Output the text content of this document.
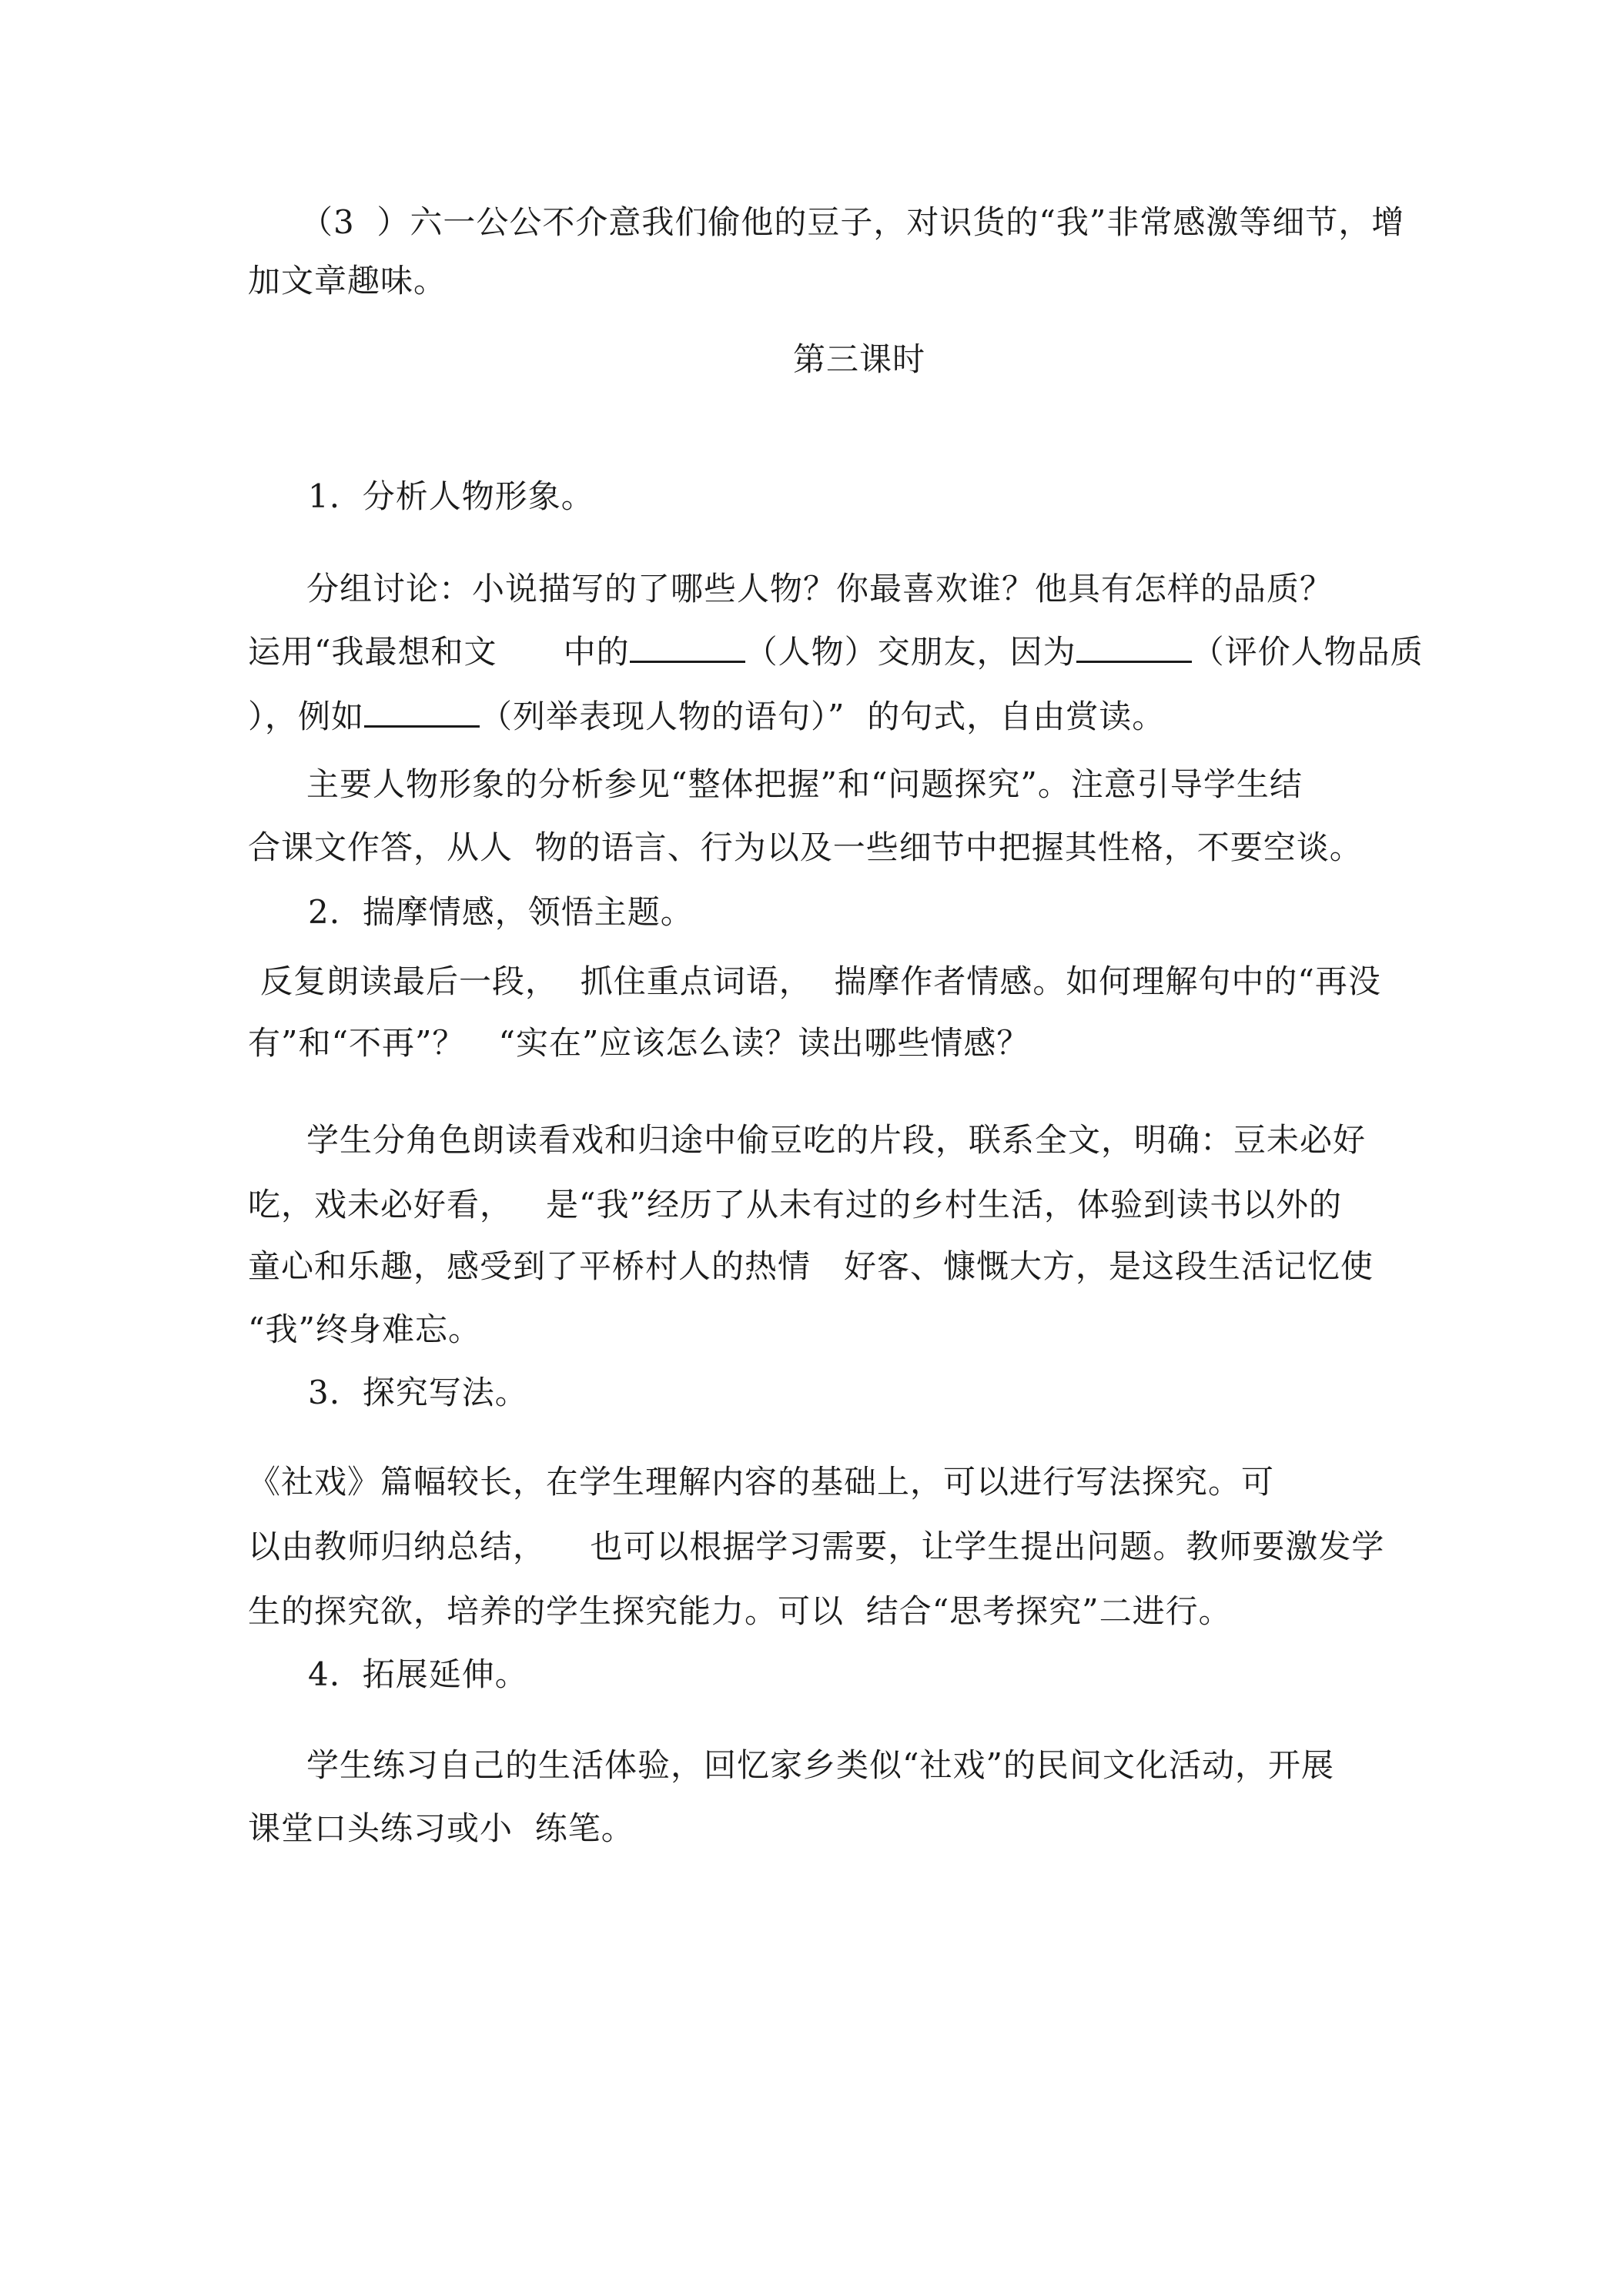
（3  ）六一公公不介意我们偷他的豆子，对识货的“我”非常感激等细节，增
加文章趣味。
第三课时
1.  分析人物形象。
分组讨论：小说描写的了哪些人物？你最喜欢谁？他具有怎样的品质？
运用“我最想和文      中的	（人物）交朋友，因为	（评价人物品质
），例如	（列举表现人物的语句）”  的句式，自由赏读。
主要人物形象的分析参见“整体把握”和“问题探究”。注意引导学生结
合课文作答，从人  物的语言、行为以及一些细节中把握其性格，不要空谈。
2.  揣摩情感，领悟主题。
反复朗读最后一段，  抓住重点词语，  揣摩作者情感。如何理解句中的“再没
有”和“不再”？   “实在”应该怎么读？读出哪些情感？
学生分角色朗读看戏和归途中偷豆吃的片段，联系全文，明确：豆未必好
吃，戏未必好看，   是“我”经历了从未有过的乡村生活，体验到读书以外的
童心和乐趣，感受到了平桥村人的热情   好客、慷慨大方，是这段生活记忆使
“我”终身难忘。
3.  探究写法。
《社戏》篇幅较长，在学生理解内容的基础上，可以进行写法探究。可
以由教师归纳总结，    也可以根据学习需要，让学生提出问题。教师要激发学
生的探究欲，培养的学生探究能力。可以  结合“思考探究”二进行。
4.  拓展延伸。
学生练习自己的生活体验，回忆家乡类似“社戏”的民间文化活动，开展
课堂口头练习或小  练笔。
